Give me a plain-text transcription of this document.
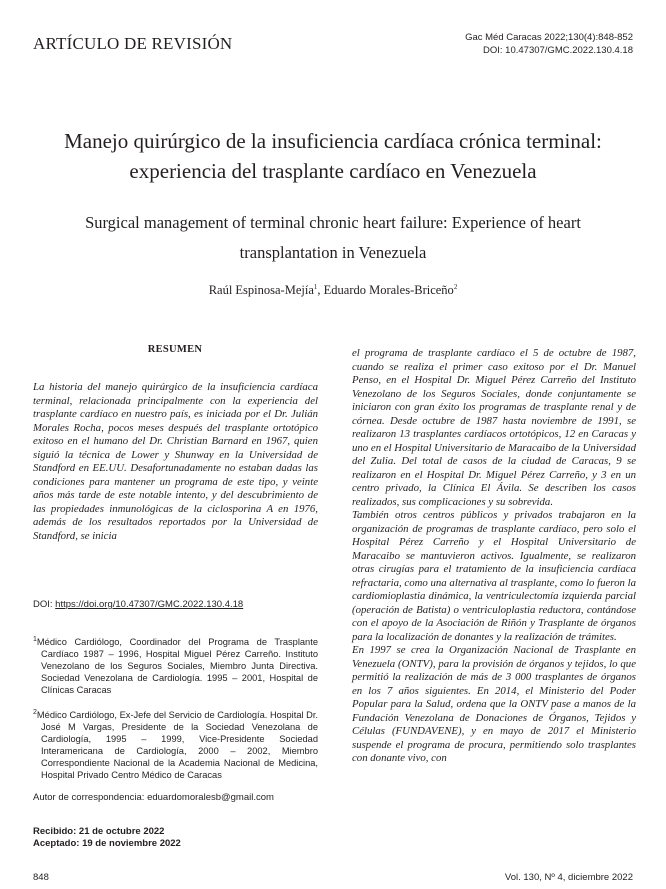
ARTÍCULO DE REVISIÓN	Gac Méd Caracas 2022;130(4):848-852
DOI: 10.47307/GMC.2022.130.4.18
Manejo quirúrgico de la insuficiencia cardíaca crónica terminal: experiencia del trasplante cardíaco en Venezuela
Surgical management of terminal chronic heart failure: Experience of heart transplantation in Venezuela
Raúl Espinosa-Mejía$^1$, Eduardo Morales-Briceño$^2$
RESUMEN

La historia del manejo quirúrgico de la insuficiencia cardíaca terminal, relacionada principalmente con la experiencia del trasplante cardíaco en nuestro país, es iniciada por el Dr. Julián Morales Rocha, pocos meses después del trasplante ortotópico exitoso en el humano del Dr. Christian Barnard en 1967, quien siguió la técnica de Lower y Shunway en la Universidad de Standford en EE.UU. Desafortunadamente no estaban dadas las condiciones para mantener un programa de este tipo, y veinte años más tarde de este notable intento, y del descubrimiento de las propiedades inmunológicas de la ciclosporina A en 1976, además de los resultados reportados por la Universidad de Standford, se inicia

el programa de trasplante cardíaco el 5 de octubre de 1987, cuando se realiza el primer caso exitoso por el Dr. Manuel Penso, en el Hospital Dr. Miguel Pérez Carreño del Instituto Venezolano de los Seguros Sociales, donde conjuntamente se iniciaron con gran éxito los programas de trasplante renal y de córnea. Desde octubre de 1987 hasta noviembre de 1991, se realizaron 13 trasplantes cardíacos ortotópicos, 12 en Caracas y uno en el Hospital Universitario de Maracaibo de la Universidad del Zulia. Del total de casos de la ciudad de Caracas, 9 se realizaron en el Hospital Dr. Miguel Pérez Carreño, y 3 en un centro privado, la Clínica El Ávila. Se describen los casos realizados, sus complicaciones y su sobrevida.

También otros centros públicos y privados trabajaron en la organización de programas de trasplante cardíaco, pero solo el Hospital Pérez Carreño y el Hospital Universitario de Maracaibo se mantuvieron activos. Igualmente, se realizaron otras cirugías para el tratamiento de la insuficiencia cardíaca refractaria, como una alternativa al trasplante, como lo fueron la cardiomioplastia dinámica, la ventriculectomía izquierda parcial (operación de Batista) o ventriculoplastia reductora, contándose con el apoyo de la Asociación de Riñón y Trasplante de órganos para la localización de donantes y la realización de trámites.

En 1997 se crea la Organización Nacional de Trasplante en Venezuela (ONTV), para la provisión de órganos y tejidos, lo que permitió la realización de más de 3 000 trasplantes de órganos en los 7 años siguientes. En 2014, el Ministerio del Poder Popular para la Salud, ordena que la ONTV pase a manos de la Fundación Venezolana de Donaciones de Órganos, Tejidos y Células (FUNDAVENE), y en mayo de 2017 el Ministerio suspende el programa de procura, permitiendo solo trasplantes con donante vivo, con

DOI: https://doi.org/10.47307/GMC.2022.130.4.18
$^1$Médico Cardiólogo, Coordinador del Programa de Trasplante Cardíaco 1987 – 1996, Hospital Miguel Pérez Carreño. Instituto Venezolano de los Seguros Sociales, Miembro Junta Directiva. Sociedad Venezolana de Cardiología. 1995 – 2001, Hospital de Clínicas Caracas
$^2$Médico Cardiólogo, Ex-Jefe del Servicio de Cardiología. Hospital Dr. José M Vargas, Presidente de la Sociedad Venezolana de Cardiología, 1995 – 1999, Vice-Presidente Sociedad Interamericana de Cardiología, 2000 – 2002, Miembro Correspondiente Nacional de la Academia Nacional de Medicina, Hospital Privado Centro Médico de Caracas
Autor de correspondencia: eduardomoralesb@gmail.com
Recibido: 21 de octubre 2022
Aceptado: 19 de noviembre 2022
848	Vol. 130, Nº 4, diciembre 2022
